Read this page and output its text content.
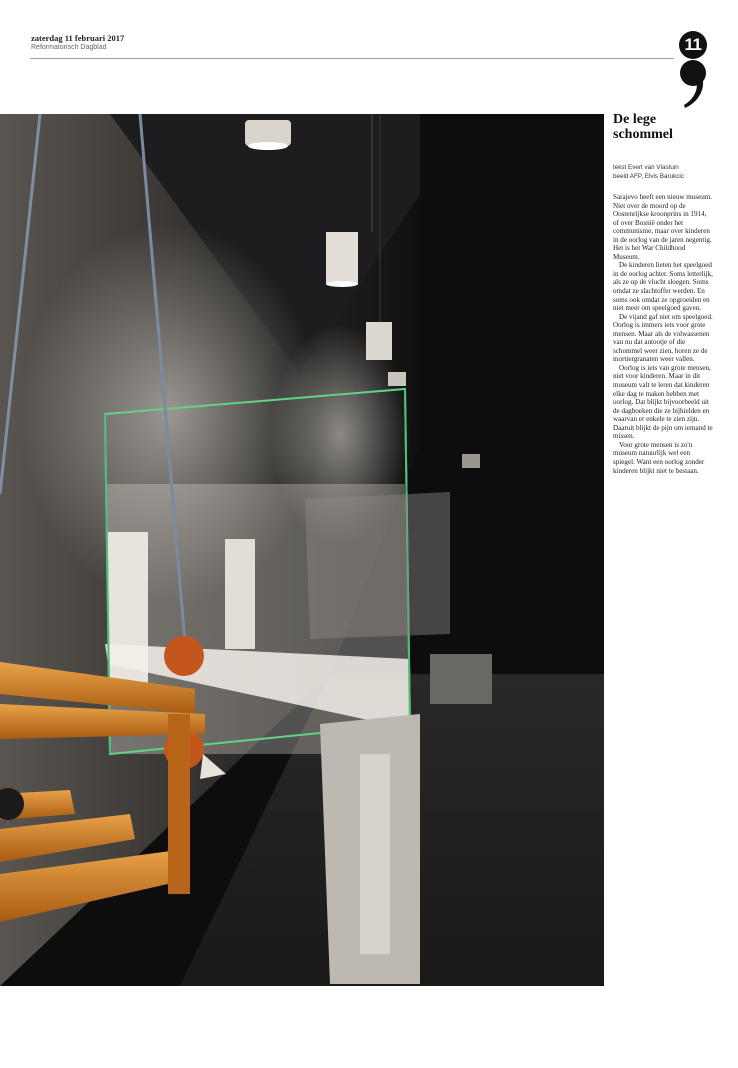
zaterdag 11 februari 2017
Reformatorisch Dagblad	11
De lege schommel
tekst Evert van Vlastuin
beeld AFP, Elvis Barukcic

Sarajevo heeft een nieuw museum. Niet over de moord op de Oostenrijkse kroonprins in 1914, of over Bosnië onder het communisme, maar over kinderen in de oorlog van de jaren negentig. Het is het War Childhood Museum.

De kinderen lieten het speelgoed in de oorlog achter. Soms letterlijk, als ze op de vlucht sloegen. Soms omdat ze slachtoffer werden. En soms ook omdat ze opgroeiden en niet meer om speelgoed gaven.

De vijand gaf niet om speelgoed. Oorlog is immers iets voor grote mensen. Maar als de volwassenen van nu dat autootje of die schommel weer zien, horen ze de mortiergranaten weer vallen.

Oorlog is iets van grote mensen, niet voor kinderen. Maar in dit museum valt te leren dat kinderen elke dag te maken hebben met oorlog. Dat blijkt bijvoorbeeld uit de dagboeken die ze bijhielden en waarvan er enkele te zien zijn. Daaruit blijkt de pijn om iemand te missen.

Voor grote mensen is zo'n museum natuurlijk wel een spiegel. Want een oorlog zonder kinderen blijkt niet te bestaan.
